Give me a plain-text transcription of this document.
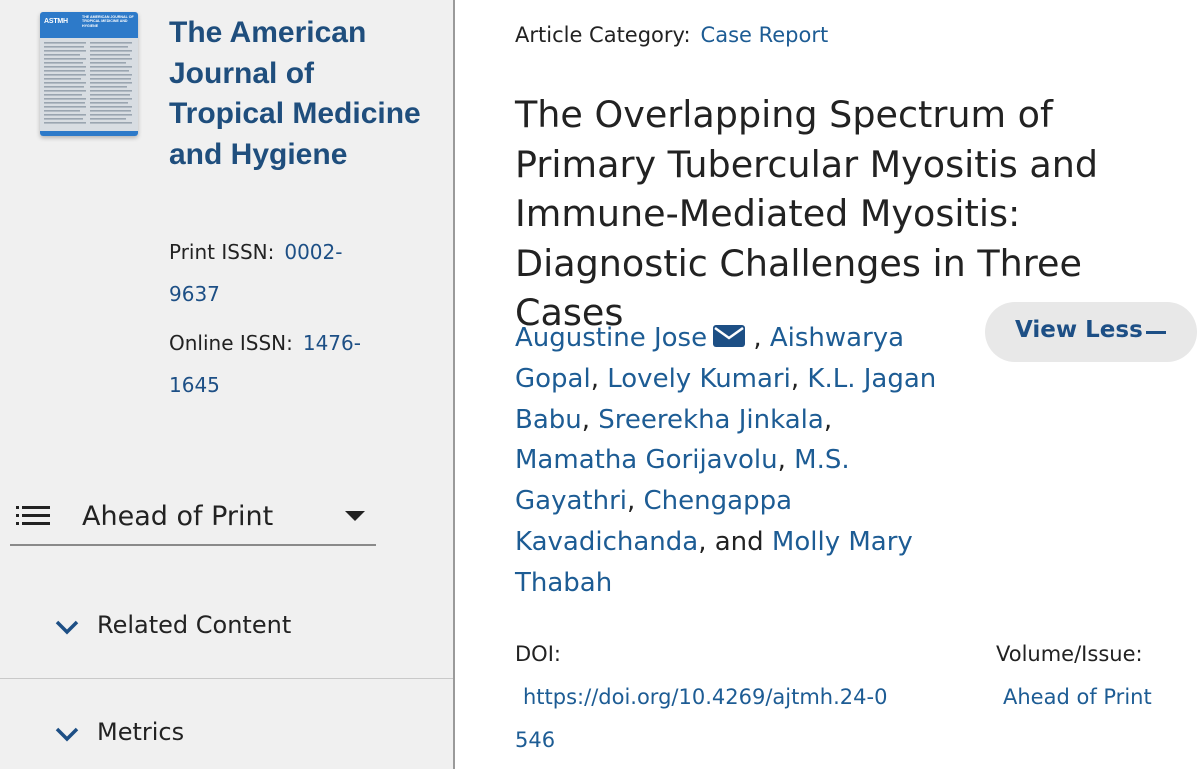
ASTMH
THE AMERICAN JOURNAL OF TROPICAL MEDICINE AND HYGIENE	The American Journal of Tropical Medicine and Hygiene
Print ISSN: 0002-9637
Online ISSN: 1476-1645
Ahead of Print
Related Content
Metrics
Article Category: Case Report
The Overlapping Spectrum of Primary Tubercular Myositis and Immune-Mediated Myositis: Diagnostic Challenges in Three Cases
Augustine Jose , Aishwarya Gopal, Lovely Kumari, K.L. Jagan Babu, Sreerekha Jinkala, Mamatha Gorijavolu, M.S. Gayathri, Chengappa Kavadichanda, and Molly Mary Thabah
View Less
DOI:
https://doi.org/10.4269/ajtmh.24-0546
Volume/Issue:
Ahead of Print
